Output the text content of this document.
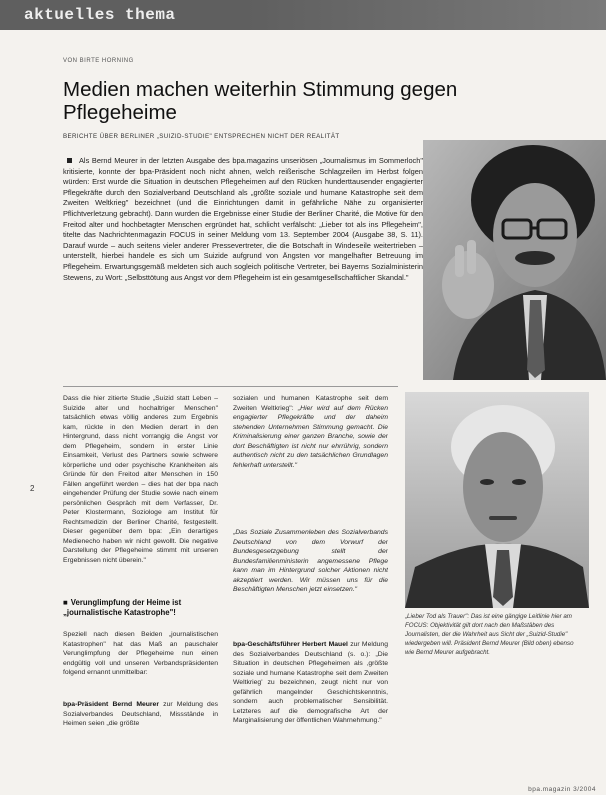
aktuelles thema
VON BIRTE HORNING
Medien machen weiterhin Stimmung gegen Pflegeheime
BERICHTE ÜBER BERLINER „SUIZID-STUDIE" ENTSPRECHEN NICHT DER REALITÄT

Als Bernd Meurer in der letzten Ausgabe des bpa.magazins unseriösen „Journalismus im Sommerloch" kritisierte, konnte der bpa-Präsident noch nicht ahnen, welch reißerische Schlagzeilen im Herbst folgen würden: Erst wurde die Situation in deutschen Pflegeheimen auf den Rücken hunderttausender engagierter Pflegekräfte durch den Sozialverband Deutschland als „größte soziale und humane Katastrophe seit dem Zweiten Weltkrieg" bezeichnet (und die Einrichtungen damit in gefährliche Nähe zu organisierter Pflichtverletzung gebracht). Dann wurden die Ergebnisse einer Studie der Berliner Charité, die Motive für den Freitod alter und hochbetagter Menschen ergründet hat, schlicht verfälscht: „Lieber tot als ins Pflegeheim", titelte das Nachrichtenmagazin FOCUS in seiner Meldung vom 13. September 2004 (Ausgabe 38, S. 11). Darauf wurde – auch seitens vieler anderer Pressevertreter, die die Botschaft in Windeseile weitertrieben – unterstellt, hierbei handele es sich um Suizide aufgrund von Ängsten vor mangelhafter Betreuung im Pflegeheim. Erwartungsgemäß meldeten sich auch sogleich politische Vertreter, bei Bayerns Sozialministerin Stewens, zu Wort: „Selbsttötung aus Angst vor dem Pflegeheim ist ein gesamtgesellschaftlicher Skandal."

2

Dass die hier zitierte Studie „Suizid statt Leben – Suizide alter und hochaltriger Menschen" tatsächlich etwas völlig anderes zum Ergebnis kam, rückte in den Medien derart in den Hintergrund, dass nicht vorrangig die Angst vor dem Pflegeheim, sondern in erster Linie Einsamkeit, Verlust des Partners sowie schwere körperliche und oder psychische Krankheiten als Gründe für den Freitod alter Menschen in 150 Fällen angeführt werden – dies hat der bpa nach eingehender Prüfung der Studie sowie nach einem persönlichen Gespräch mit dem Verfasser, Dr. Peter Klostermann, Soziologe am Institut für Rechtsmedizin der Berliner Charité, festgestellt. Dieser gegenüber dem bpa: „Ein derartiges Medienecho haben wir nicht gewollt. Die negative Darstellung der Pflegeheime stimmt mit unseren Ergebnissen nicht überein."

sozialen und humanen Katastrophe seit dem Zweiten Weltkrieg": „Hier wird auf dem Rücken engagierter Pflegekräfte und der daheim stehenden Unternehmen Stimmung gemacht. Die Kriminalisierung einer ganzen Branche, sowie der dort Beschäftigten ist nicht nur ehrrührig, sondern authentisch nicht zu den tatsächlichen Grundlagen fehlerhaft unterstellt."

„Das Soziale Zusammenleben des Sozialverbands Deutschland von dem Vorwurf der Bundesgesetzgebung stellt der Bundesfamilienministerin angemessene Pflege kann man im Hintergrund solcher Aktionen nicht akzeptiert werden. Wir müssen uns für die Beschäftigten Menschen jetzt einsetzen."

■ Verunglimpfung der Heime ist „journalistische Katastrophe"!

Speziell nach diesen Beiden „journalistischen Katastrophen" hat das Maß an pauschaler Verunglimpfung der Pflegeheime nun einen endgültig voll und unseren Verbandspräsidenten folgend ernannt unmittelbar:

bpa-Präsident Bernd Meurer zur Meldung des Sozialverbandes Deutschland, Missstände in Heimen seien „die größte

bpa-Geschäftsführer Herbert Mauel zur Meldung des Sozialverbandes Deutschland (s. o.): „Die Situation in deutschen Pflegeheimen als ‚größte soziale und humane Katastrophe seit dem Zweiten Weltkrieg' zu bezeichnen, zeugt nicht nur von gefährlich mangelnder Geschichtskenntnis, sondern auch problematischer Sensibilität. Letzteres auf die demografische Art der Marginalisierung der öffentlichen Wahrnehmung."

„Lieber Tod als Trauer": Das ist eine gängige Leitlinie hier am FOCUS: Objektivität gilt dort nach den Maßstäben des Journalisten, der die Wahrheit aus Sicht der „Suizid-Studie" wiedergeben will. Präsident Bernd Meurer (Bild oben) ebenso wie Bernd Meurer aufgebracht.
bpa.magazin 3/2004
